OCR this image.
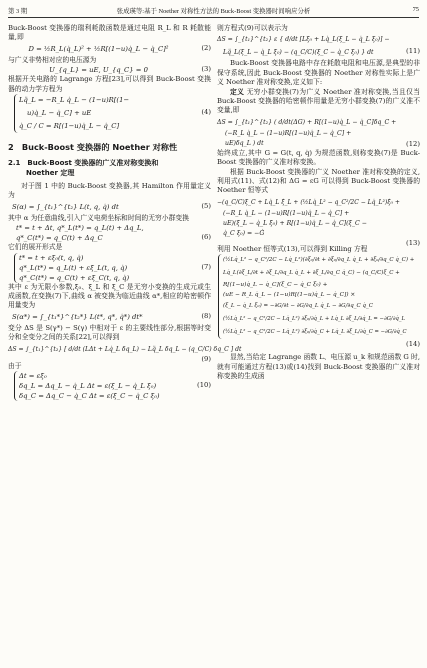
第 3 期	张成瑛等:基于 Noether 对称性方法的 Buck-Boost 变换器时间响应分析	75

Buck-Boost 变换器的瑞利耗散函数是通过电阻 R_L 和 R 耗散能量,即

D = ½R_L(q̇_L)² + ½R[(1−u)q̇_L − q̇_C]²	(2)

与广义非势相对应的电压源为

U_{q_L} = uE, U_{q_C} = 0	(3)

根据开关电路的 Lagrange 方程[23],可以得到 Buck-Boost 变换器的动力学方程为

Lq̈_L = −R_L q̇_L − (1−u)R[(1−
u)q̇_L − q̇_C] + uE
q̇_C / C = R[(1−u)q̇_L − q̇_C]
(4)
2　Buck-Boost 变换器的 Noether 对称性
2.1　Buck-Boost 变换器的广义准对称变换和
Noether 定理

对于图 1 中的 Buck-Boost 变换器,其 Hamilton 作用量定义为

S(α) = ∫_{t₁}^{t₂} L(t, q, q̇) dt	(5)

其中 α 为任意曲线,引入广义电荷坐标和时间的无穷小群变换

t* = t + Δt, q*_L(t*) = q_L(t) + Δq_L,
q*_C(t*) = q_C(t) + Δq_C	(6)

它们的展开形式是

t* = t + εξ₀(t, q, q̇)
q*_L(t*) = q_L(t) + εξ_L(t, q, q̇)
q*_C(t*) = q_C(t) + εξ_C(t, q, q̇)
(7)

其中 ε 为无限小参数,ξ₀、ξ_L 和 ξ_C 是无穷小变换的生成元或生成函数,在变换(7)下,曲线 α 被变换为临近曲线 α*,相应的哈密顿作用量变为

S(α*) = ∫_{t₁*}^{t₂*} L(t*, q*, q̇*) dt*	(8)

变分 ΔS 是 S(γ*) − S(γ) 中相对于 ε 的主要线性部分,根据等时变分和全变分之间的关系[22],可以得到

ΔS = ∫_{t₁}^{t₂} [ d/dt (LΔt + Lq̇_L δq_L) − Lq̈_L δq_L − (q_C/C) δq_C ] dt
(9)

由于

Δt = εξ₀
δq_L = Δq_L − q̇_L Δt = ε(ξ_L − q̇_L ξ₀)
δq_C = Δq_C − q̇_C Δt = ε(ξ_C − q̇_C ξ₀)
(10)

则方程式(9)可以表示为

ΔS = ∫_{t₁}^{t₂} ε { d/dt [Lξ₀ + Lq̇_L(ξ_L − q̇_L ξ₀)] −
Lq̈_L(ξ_L − q̇_L ξ₀) − (q_C/C)(ξ_C − q̇_C ξ₀) } dt	(11)

Buck-Boost 变换器电路中存在耗散电阻和电压源,是典型的非保守系统,因此 Buck-Boost 变换器的 Noether 对称性实际上是广义 Noether 准对称变换,定义如下:

定义 无穷小群变换(7)为广义 Noether 准对称变换,当且仅当 Buck-Boost 变换器的哈密顿作用量是无穷小群变换(7)的广义准不变量,即

ΔS = ∫_{t₁}^{t₂} ( d/dt(ΔG) + R[(1−u)q̇_L − q̇_C]δq_C +
(−R_L q̇_L − (1−u)R[(1−u)q̇_L − q̇_C] +
uE)δq_L ) dt	(12)

始终成立,其中 G = G(t, q, q̇) 为规范函数,则称变换(7)是 Buck-Boost 变换器的广义准对称变换。

根据 Buck-Boost 变换器的广义 Noether 准对称变换的定义,利用式(11)、式(12)和 ΔG = εG 可以得到 Buck-Boost 变换器的 Noether 恒等式

−(q_C/C)ξ_C + Lq̇_L ξ̇_L + (½Lq̇_L² − q_C²/2C − Lq̇_L²)ξ̇₀ +
(−R_L q̇_L − (1−u)R[(1−u)q̇_L − q̇_C] +
uE)(ξ_L − q̇_L ξ₀) + R[(1−u)q̇_L − q̇_C](ξ_C −
q̇_C ξ₀) = −Ġ
(13)

利用 Noether 恒等式(13),可以得到 Killing 方程

(½Lq̇_L² − q_C²/2C − Lq̇_L²)(∂ξ₀/∂t + ∂ξ₀/∂q_L q̇_L + ∂ξ₀/∂q_C q̇_C) +
Lq̇_L(∂ξ_L/∂t + ∂ξ_L/∂q_L q̇_L + ∂ξ_L/∂q_C q̇_C) − (q_C/C)ξ_C +
R[(1−u)q̇_L − q̇_C](ξ_C − q̇_C ξ₀) +
(uE − R_L q̇_L − (1−u)R[(1−u)q̇_L − q̇_C]) ×
(ξ_L − q̇_L ξ₀) = −∂G/∂t − ∂G/∂q_L q̇_L − ∂G/∂q_C q̇_C
(½Lq̇_L² − q_C²/2C − Lq̇_L²) ∂ξ₀/∂q̇_L + Lq̇_L ∂ξ_L/∂q̇_L = −∂G/∂q̇_L
(½Lq̇_L² − q_C²/2C − Lq̇_L²) ∂ξ₀/∂q̇_C + Lq̇_L ∂ξ_L/∂q̇_C = −∂G/∂q̇_C
(14)

显然,当给定 Lagrange 函数 L、电压源 u_k 和规范函数 G 时,就有可能通过方程(13)或(14)找到 Buck-Boost 变换器的广义准对称变换的生成函
